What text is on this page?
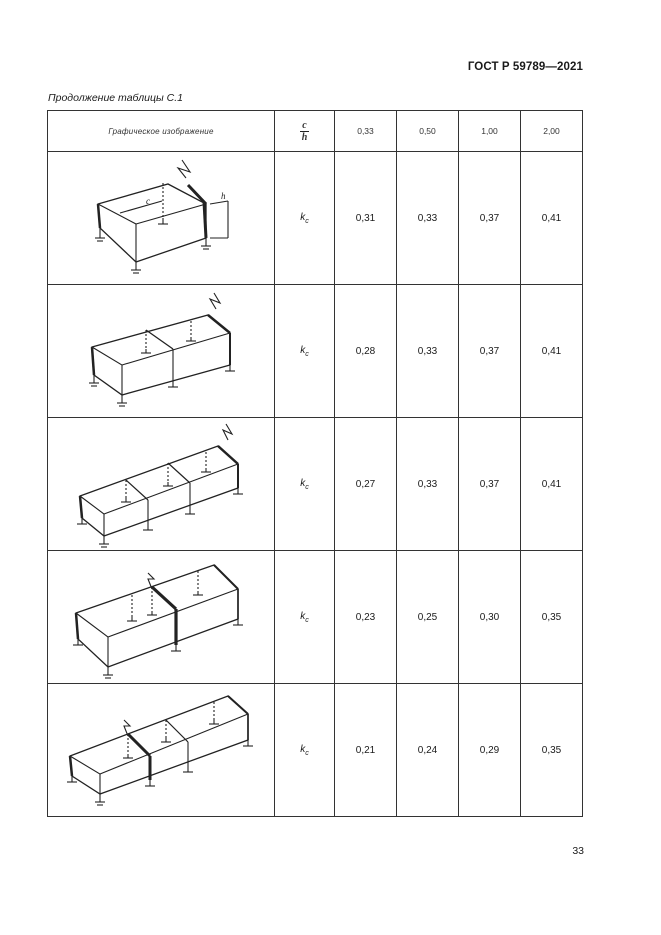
ГОСТ Р 59789—2021
Продолжение таблицы С.1
Графическое изображение	$\frac{c}{h}$	0,33	0,50	1,00	2,00

c h	$k_c$	0,31	0,33	0,37	0,41

	$k_c$	0,28	0,33	0,37	0,41

	$k_c$	0,27	0,33	0,37	0,41

	$k_c$	0,23	0,25	0,30	0,35

	$k_c$	0,21	0,24	0,29	0,35
33
